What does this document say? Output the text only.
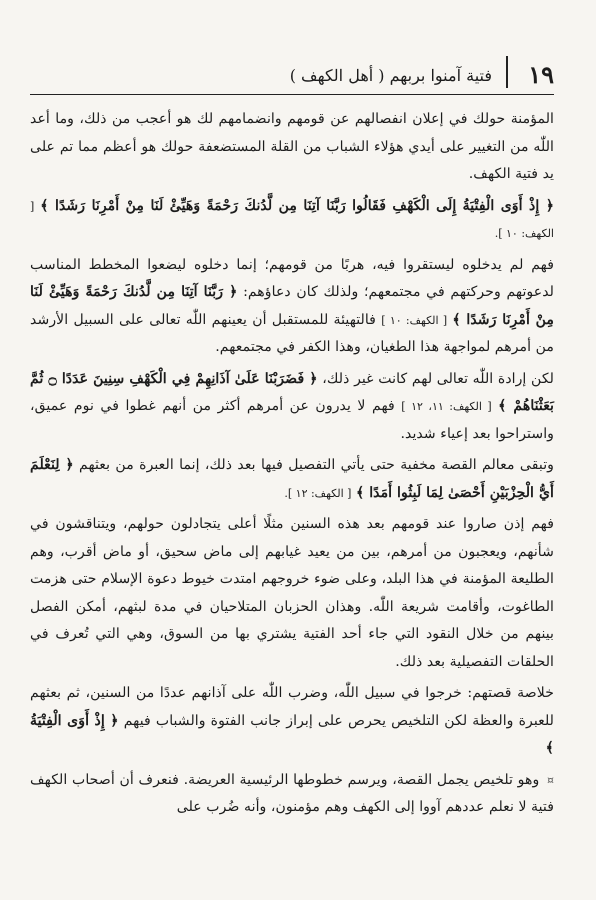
١٩
فتية آمنوا بربهم ( أهل الكهف )

المؤمنة حولك في إعلان انفصالهم عن قومهم وانضمامهم لك هو أعجب من ذلك، وما أعد اللّٰه من التغيير على أيدي هؤلاء الشباب من القلة المستضعفة حولك هو أعظم مما تم على يد فتية الكهف.

﴿ إِذْ أَوَى الْفِتْيَةُ إِلَى الْكَهْفِ فَقَالُوا رَبَّنَا آتِنَا مِن لَّدُنكَ رَحْمَةً وَهَيِّئْ لَنَا مِنْ أَمْرِنَا رَشَدًا ﴾ [ الكهف: ١٠ ].

فهم لم يدخلوه ليستقروا فيه، هربًا من قومهم؛ إنما دخلوه ليضعوا المخطط المناسب لدعوتهم وحركتهم في مجتمعهم؛ ولذلك كان دعاؤهم: ﴿ رَبَّنَا آتِنَا مِن لَّدُنكَ رَحْمَةً وَهَيِّئْ لَنَا مِنْ أَمْرِنَا رَشَدًا ﴾ [ الكهف: ١٠ ] فالتهيئة للمستقبل أن يعينهم اللّٰه تعالى على السبيل الأرشد من أمرهم لمواجهة هذا الطغيان، وهذا الكفر في مجتمعهم.

لكن إرادة اللّٰه تعالى لهم كانت غير ذلك، ﴿ فَضَرَبْنَا عَلَىٰ آذَانِهِمْ فِي الْكَهْفِ سِنِينَ عَدَدًا ۝ ثُمَّ بَعَثْنَاهُمْ ﴾ [ الكهف: ١١، ١٢ ] فهم لا يدرون عن أمرهم أكثر من أنهم غطوا في نوم عميق، واستراحوا بعد إعياء شديد.

وتبقى معالم القصة مخفية حتى يأتي التفصيل فيها بعد ذلك، إنما العبرة من بعثهم ﴿ لِنَعْلَمَ أَيُّ الْحِزْبَيْنِ أَحْصَىٰ لِمَا لَبِثُوا أَمَدًا ﴾ [ الكهف: ١٢ ].

فهم إذن صاروا عند قومهم بعد هذه السنين مثلًا أعلى يتجادلون حولهم، ويتناقشون في شأنهم، ويعجبون من أمرهم، بين من يعيد غيابهم إلى ماض سحيق، أو ماض أقرب، وهم الطليعة المؤمنة في هذا البلد، وعلى ضوء خروجهم امتدت خيوط دعوة الإسلام حتى هزمت الطاغوت، وأقامت شريعة اللّٰه. وهذان الحزبان المتلاحيان في مدة لبثهم، أمكن الفصل بينهم من خلال النقود التي جاء أحد الفتية يشتري بها من السوق، وهي التي تُعرف في الحلقات التفصيلية بعد ذلك.

خلاصة قصتهم: خرجوا في سبيل اللّٰه، وضرب اللّٰه على آذانهم عددًا من السنين، ثم بعثهم للعبرة والعظة لكن التلخيص يحرص على إبراز جانب الفتوة والشباب فيهم ﴿ إِذْ أَوَى الْفِتْيَةُ ﴾

¤ وهو تلخيص يجمل القصة، ويرسم خطوطها الرئيسية العريضة. فنعرف أن أصحاب الكهف فتية لا نعلم عددهم آووا إلى الكهف وهم مؤمنون، وأنه ضُرب على
